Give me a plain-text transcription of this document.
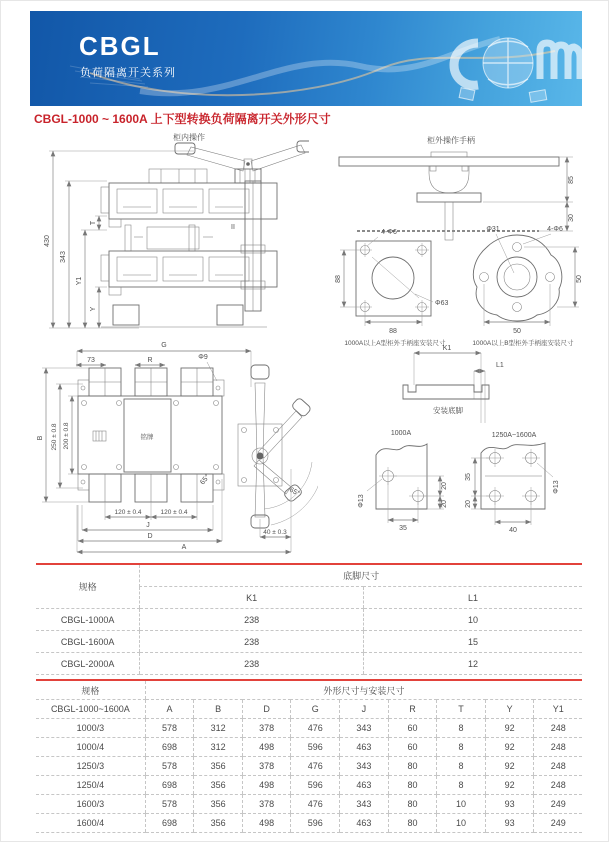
CBGL
负荷隔离开关系列
CBGL-1000 ~ 1600A 上下型转换负荷隔离开关外形尺寸
柜内操作
430
343
Y1
T
Y
II
柜外操作手柄
85
30
Φ63
4-Φ6
88
88
Φ31	4-Φ6
50
50
1000A以上A型柜外手柄座安装尺寸	1000A以上B型柜外手柄座安装尺寸
G
73	R	Φ9
B 250 ± 0.8 200 ± 0.8	铭牌
65°
65°
120 ± 0.4	120 ± 0.4
J
D
A
40 ± 0.3
K1
L1
安装底脚
1000A
Φ13
20
20
35
1250A~1600A
35
20
40
Φ13
规格	底脚尺寸	
	K1	L1
CBGL-1000A	238	10
CBGL-1600A	238	15
CBGL-2000A	238	12
规格	外形尺寸与安装尺寸								
CBGL-1000~1600A	A	B	D	G	J	R	T	Y	Y1
1000/3	578	312	378	476	343	60	8	92	248
1000/4	698	312	498	596	463	60	8	92	248
1250/3	578	356	378	476	343	80	8	92	248
1250/4	698	356	498	596	463	80	8	92	248
1600/3	578	356	378	476	343	80	10	93	249
1600/4	698	356	498	596	463	80	10	93	249
